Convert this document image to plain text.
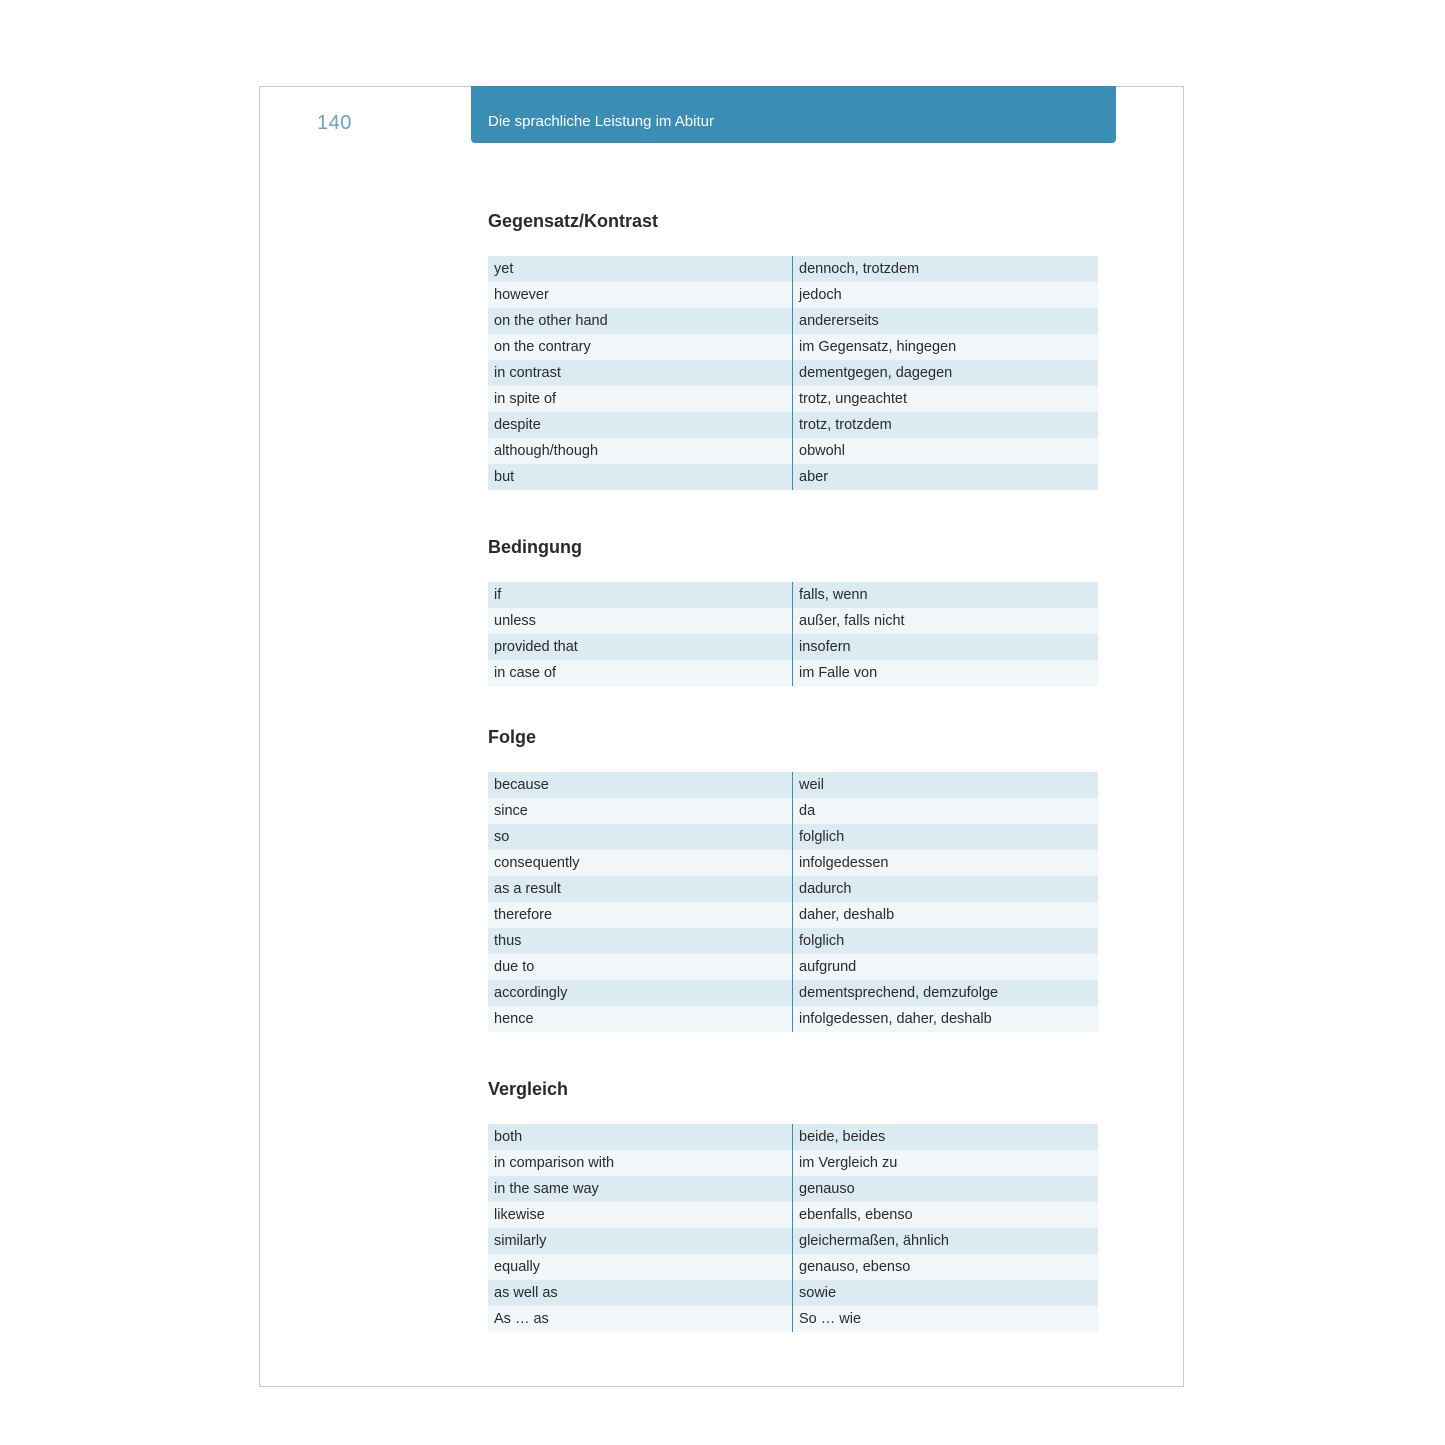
140	Die sprachliche Leistung im Abitur
Gegensatz/Kontrast
yet	dennoch, trotzdem
however	jedoch
on the other hand	andererseits
on the contrary	im Gegensatz, hingegen
in contrast	dementgegen, dagegen
in spite of	trotz, ungeachtet
despite	trotz, trotzdem
although/though	obwohl
but	aber
Bedingung
if	falls, wenn
unless	außer, falls nicht
provided that	insofern
in case of	im Falle von
Folge
because	weil
since	da
so	folglich
consequently	infolgedessen
as a result	dadurch
therefore	daher, deshalb
thus	folglich
due to	aufgrund
accordingly	dementsprechend, demzufolge
hence	infolgedessen, daher, deshalb
Vergleich
both	beide, beides
in comparison with	im Vergleich zu
in the same way	genauso
likewise	ebenfalls, ebenso
similarly	gleichermaßen, ähnlich
equally	genauso, ebenso
as well as	sowie
As … as	So … wie
